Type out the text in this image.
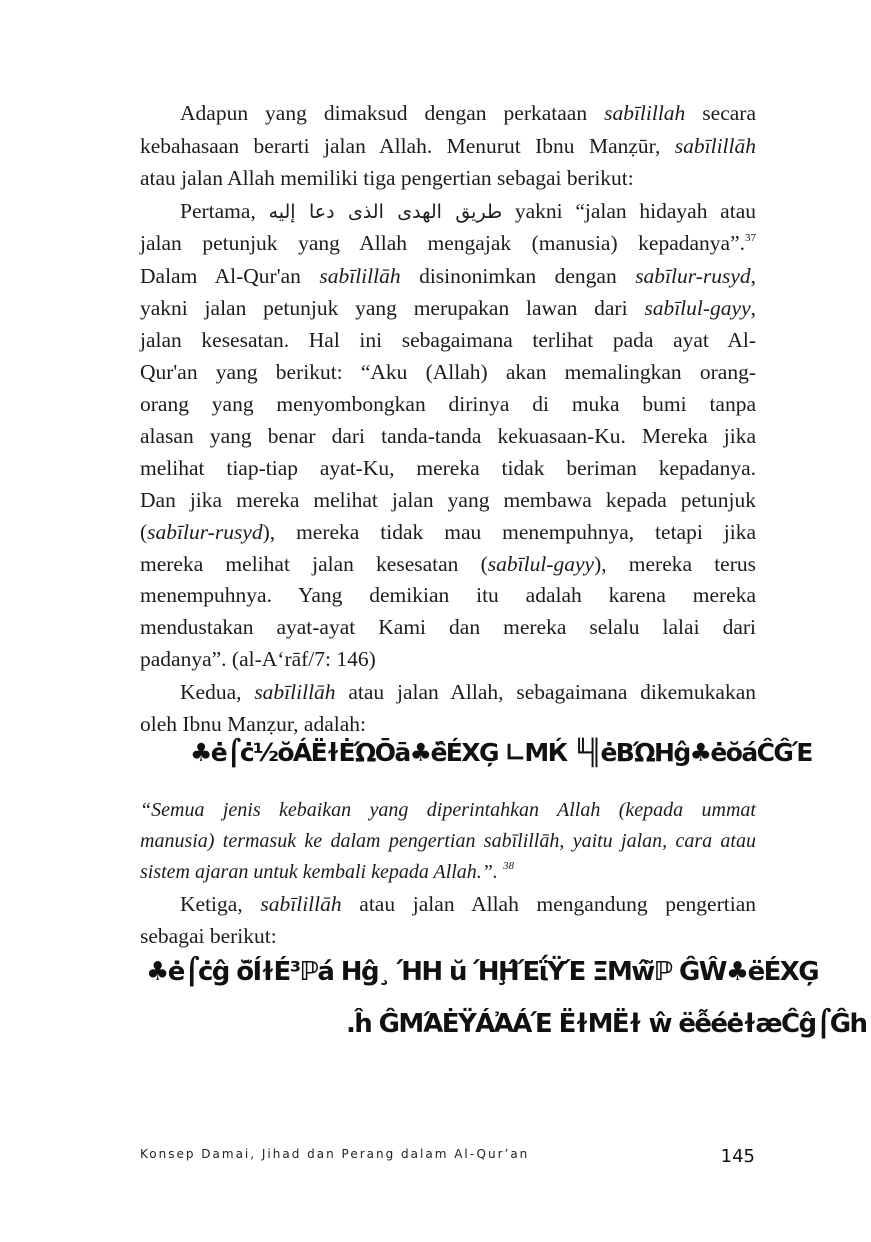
Adapun yang dimaksud dengan perkataan sabīlillah secara
kebahasaan berarti jalan Allah. Menurut Ibnu Manẓūr, sabīlillāh
atau jalan Allah memiliki tiga pengertian sebagai berikut:
Pertama, طريق الهدى الذى دعا إليه yakni “jalan hidayah atau
jalan petunjuk yang Allah mengajak (manusia) kepadanya”.$^{37}$
Dalam Al-Qur'an sabīlillāh disinonimkan dengan sabīlur-rusyd,
yakni jalan petunjuk yang merupakan lawan dari sabīlul-gayy,
jalan kesesatan. Hal ini sebagaimana terlihat pada ayat Al-
Qur'an yang berikut: “Aku (Allah) akan memalingkan orang-
orang yang menyombongkan dirinya di muka bumi tanpa
alasan yang benar dari tanda-tanda kekuasaan-Ku. Mereka jika
melihat tiap-tiap ayat-Ku, mereka tidak beriman kepadanya.
Dan jika mereka melihat jalan yang membawa kepada petunjuk
(sabīlur-rusyd), mereka tidak mau menempuhnya, tetapi jika
mereka melihat jalan kesesatan (sabīlul-gayy), mereka terus
menempuhnya. Yang demikian itu adalah karena mereka
mendustakan ayat-ayat Kami dan mereka selalu lalai dari
padanya”. (al-A‘rāf/7: 146)
Kedua, sabīlillāh atau jalan Allah, sebagaimana dikemukakan
oleh Ibnu Manẓur, adalah:
“Semua jenis kebaikan yang diperintahkan Allah (kepada ummat
manusia) termasuk ke dalam pengertian sabīlillāh, yaitu jalan, cara atau
sistem ajaran untuk kembali kepada Allah.”. $^{38}$
Ketiga, sabīlillāh atau jalan Allah mengandung pengertian
sebagai berikut:
♣ė⌠ċ½ŏÁËɫĖΏŌā♣ë̂ÉXĢ ∟MЌ ╙╢ėΒΏΗĝ♣ėŏáĈĜΈ
♣ė⌠ċĝ ŏ̃ÍɫÉ³ℙá Ηĝ¸ ΉΗ ŭ ΉḨ̂ΈΐΫΈ ΞΜŵ̃ℙ ĜŴ♣ëÉXĢ
.ĥ ĜΜΆĖΫÁἈÁΈ ËɫΜËɫ ŵ ëễéėɫæĈĝ⌠Ĝh
Konsep Damai, Jihad dan Perang dalam Al-Qur’an	145
